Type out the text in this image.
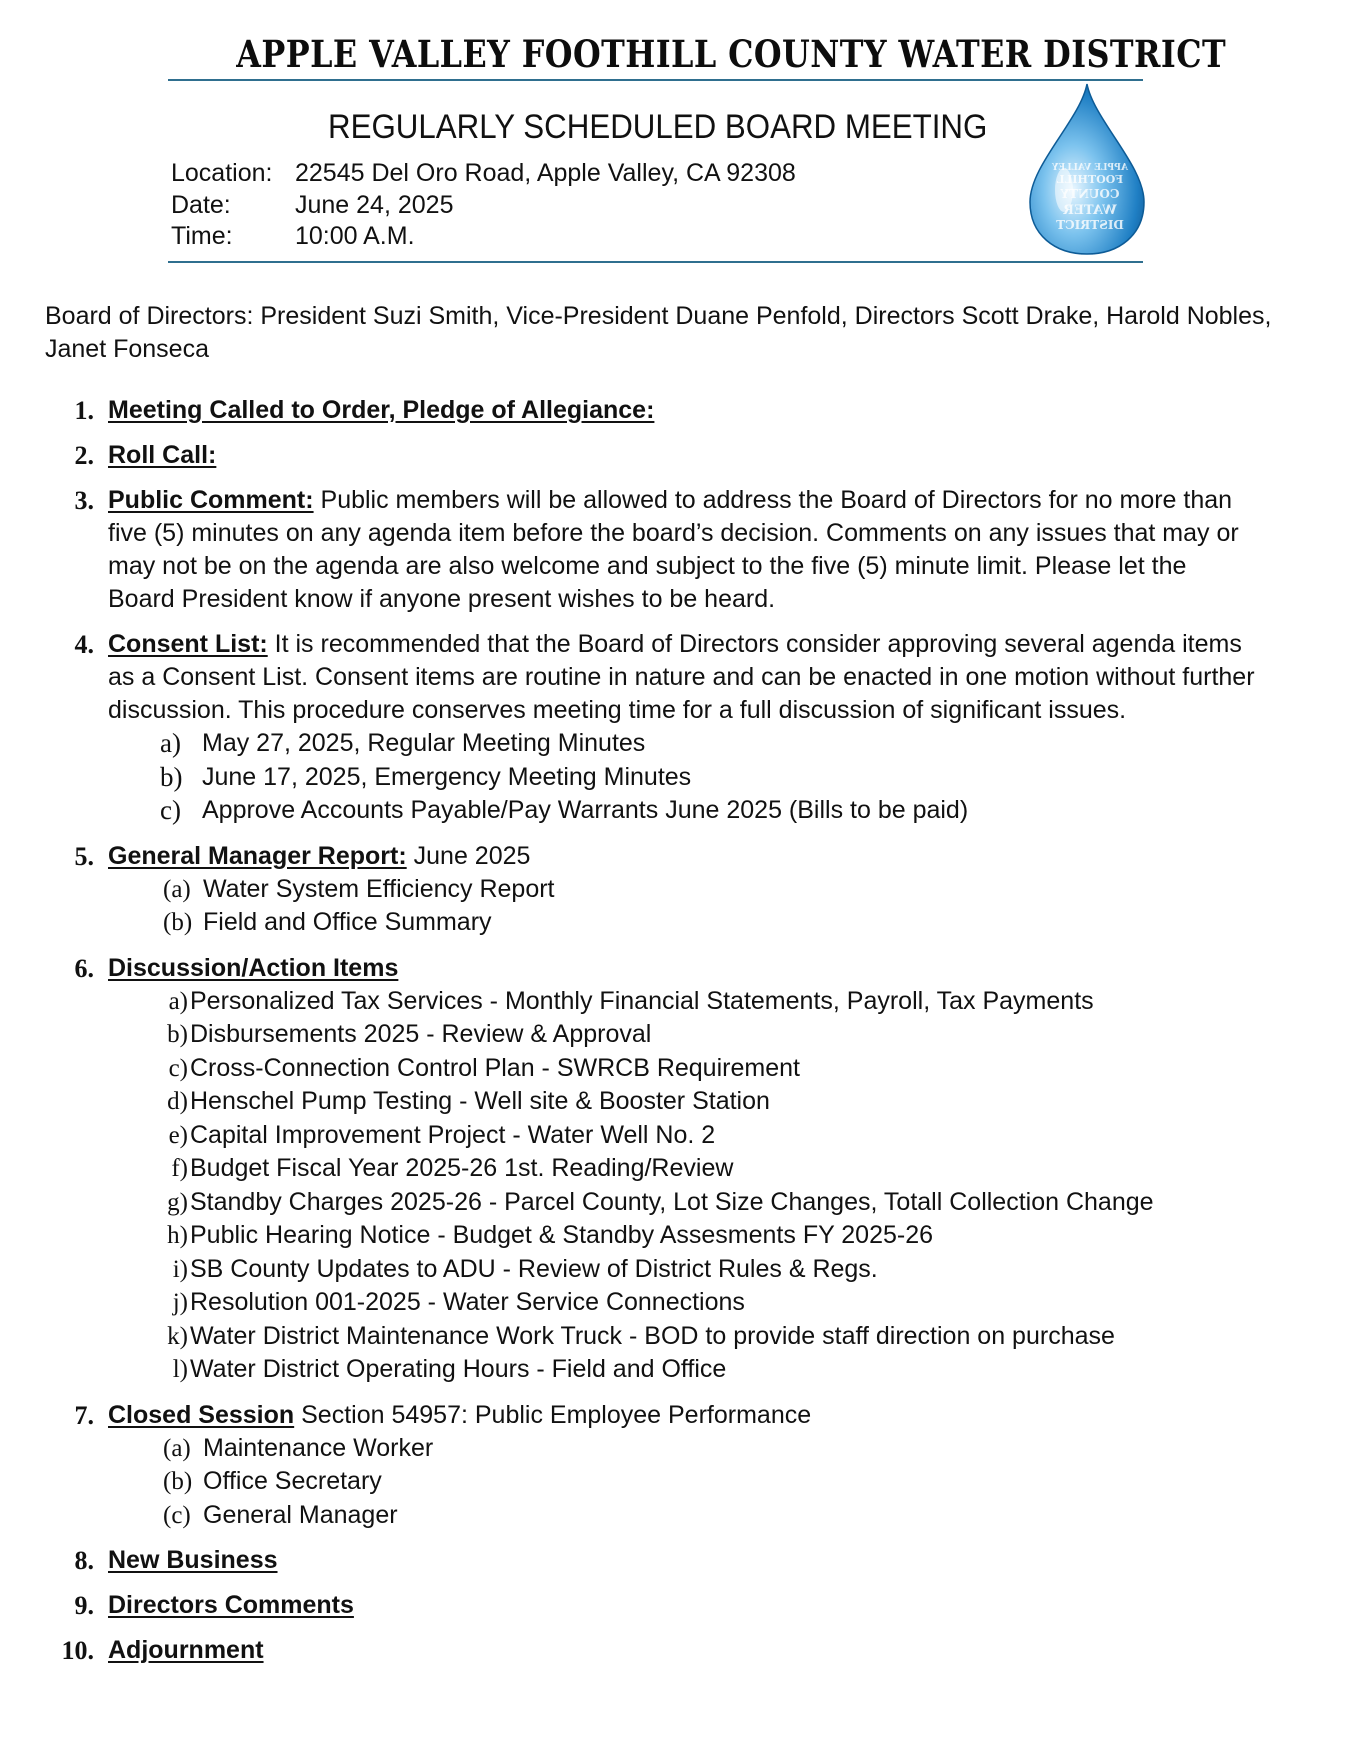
APPLE VALLEY FOOTHILL COUNTY WATER DISTRICT
REGULARLY SCHEDULED BOARD MEETING
Location: 22545 Del Oro Road, Apple Valley, CA 92308
Date:	June 24, 2025
Time: 10:00 A.M.
APPLE VALLEY
FOOTHILL
COUNTY
WATER
DISTRICT
Board of Directors: President Suzi Smith, Vice-President Duane Penfold, Directors Scott Drake, Harold Nobles, Janet Fonseca
1. Meeting Called to Order, Pledge of Allegiance:
2. Roll Call:
3. Public Comment: Public members will be allowed to address the Board of Directors for no more than five (5) minutes on any agenda item before the board’s decision. Comments on any issues that may or may not be on the agenda are also welcome and subject to the five (5) minute limit. Please let the Board President know if anyone present wishes to be heard.
4. Consent List: It is recommended that the Board of Directors consider approving several agenda items as a Consent List. Consent items are routine in nature and can be enacted in one motion without further discussion. This procedure conserves meeting time for a full discussion of significant issues.
a) May 27, 2025, Regular Meeting Minutes
b) June 17, 2025, Emergency Meeting Minutes
c) Approve Accounts Payable/Pay Warrants June 2025 (Bills to be paid)
5. General Manager Report: June 2025
(a) Water System Efficiency Report
(b) Field and Office Summary
6. Discussion/Action Items
a) Personalized Tax Services - Monthly Financial Statements, Payroll, Tax Payments
b) Disbursements 2025 - Review & Approval
c) Cross-Connection Control Plan - SWRCB Requirement
d) Henschel Pump Testing - Well site & Booster Station
e) Capital Improvement Project - Water Well No. 2
f) Budget Fiscal Year 2025-26 1st. Reading/Review
g) Standby Charges 2025-26 - Parcel County, Lot Size Changes, Totall Collection Change
h) Public Hearing Notice - Budget & Standby Assesments FY 2025-26
i) SB County Updates to ADU - Review of District Rules & Regs.
j) Resolution 001-2025 - Water Service Connections
k) Water District Maintenance Work Truck - BOD to provide staff direction on purchase
l) Water District Operating Hours - Field and Office
7. Closed Session Section 54957: Public Employee Performance
(a) Maintenance Worker
(b) Office Secretary
(c) General Manager
8. New Business
9. Directors Comments
10. Adjournment
